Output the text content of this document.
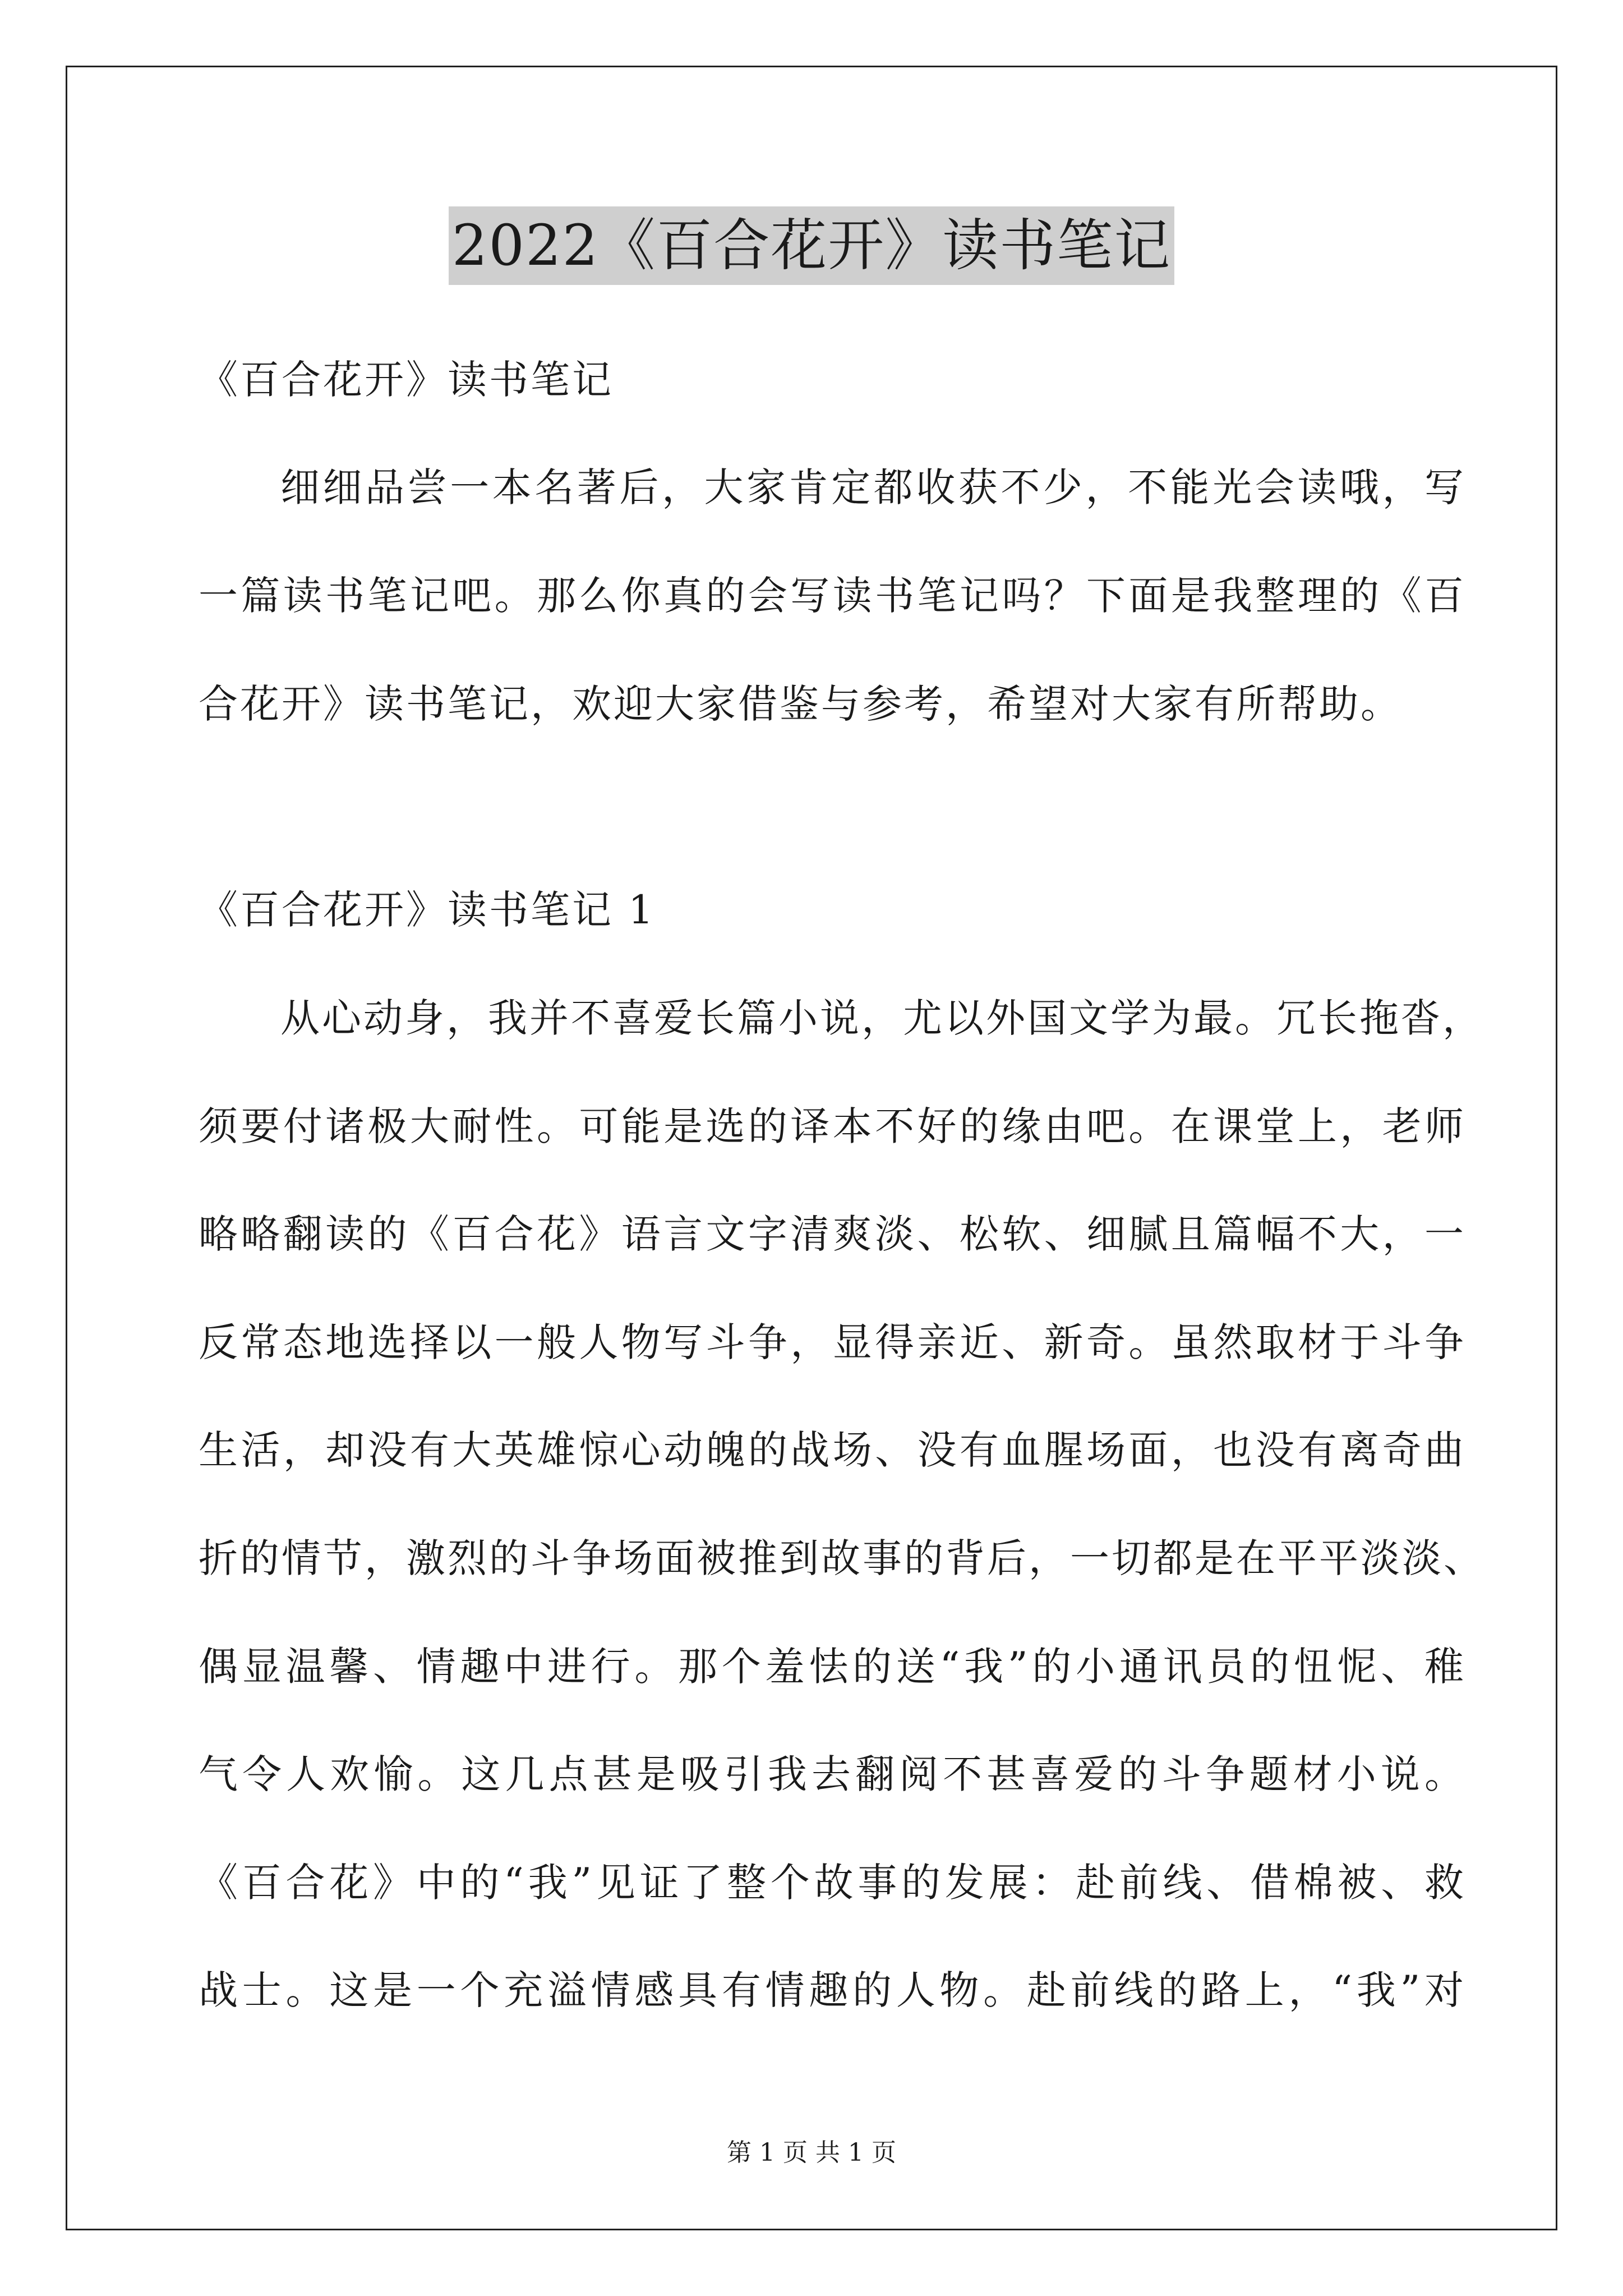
2022《百合花开》读书笔记
《百合花开》读书笔记
细细品尝一本名著后，大家肯定都收获不少，不能光会读哦，写
一篇读书笔记吧。那么你真的会写读书笔记吗？下面是我整理的《百
合花开》读书笔记，欢迎大家借鉴与参考，希望对大家有所帮助。
《百合花开》读书笔记 1
从心动身，我并不喜爱长篇小说，尤以外国文学为最。冗长拖沓，
须要付诸极大耐性。可能是选的译本不好的缘由吧。在课堂上，老师
略略翻读的《百合花》语言文字清爽淡、松软、细腻且篇幅不大，一
反常态地选择以一般人物写斗争，显得亲近、新奇。虽然取材于斗争
生活，却没有大英雄惊心动魄的战场、没有血腥场面，也没有离奇曲
折的情节，激烈的斗争场面被推到故事的背后，一切都是在平平淡淡、
偶显温馨、情趣中进行。那个羞怯的送“我”的小通讯员的忸怩、稚
气令人欢愉。这几点甚是吸引我去翻阅不甚喜爱的斗争题材小说。
《百合花》中的“我”见证了整个故事的发展：赴前线、借棉被、救
战士。这是一个充溢情感具有情趣的人物。赴前线的路上，“我”对
第 1 页 共 1 页
